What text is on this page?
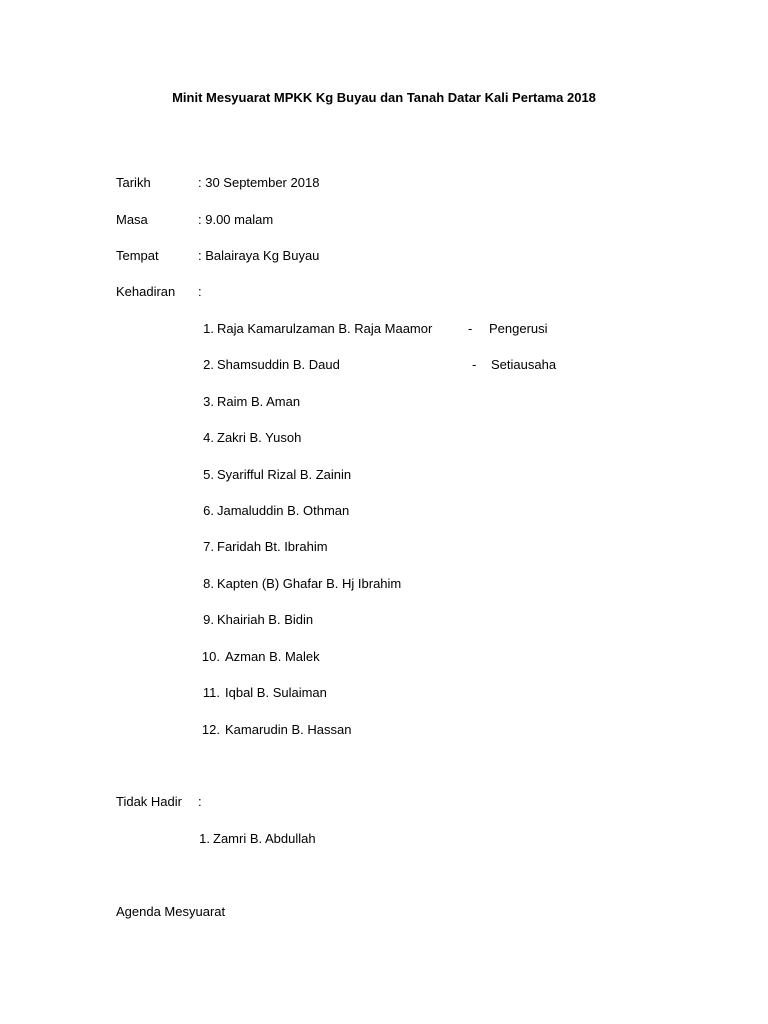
Minit Mesyuarat MPKK Kg Buyau dan Tanah Datar Kali Pertama 2018
Tarikh	: 30 September 2018
Masa	: 9.00 malam
Tempat	: Balairaya Kg Buyau
Kehadiran :
1. Raja Kamarulzaman B. Raja Maamor	- Pengerusi
2. Shamsuddin B. Daud	- Setiausaha
3. Raim B. Aman
4. Zakri B. Yusoh
5. Syarifful Rizal B. Zainin
6. Jamaluddin B. Othman
7. Faridah Bt. Ibrahim
8. Kapten (B) Ghafar B. Hj Ibrahim
9. Khairiah B. Bidin
10. Azman B. Malek
11. Iqbal B. Sulaiman
12. Kamarudin B. Hassan
Tidak Hadir :
1. Zamri B. Abdullah
Agenda Mesyuarat
